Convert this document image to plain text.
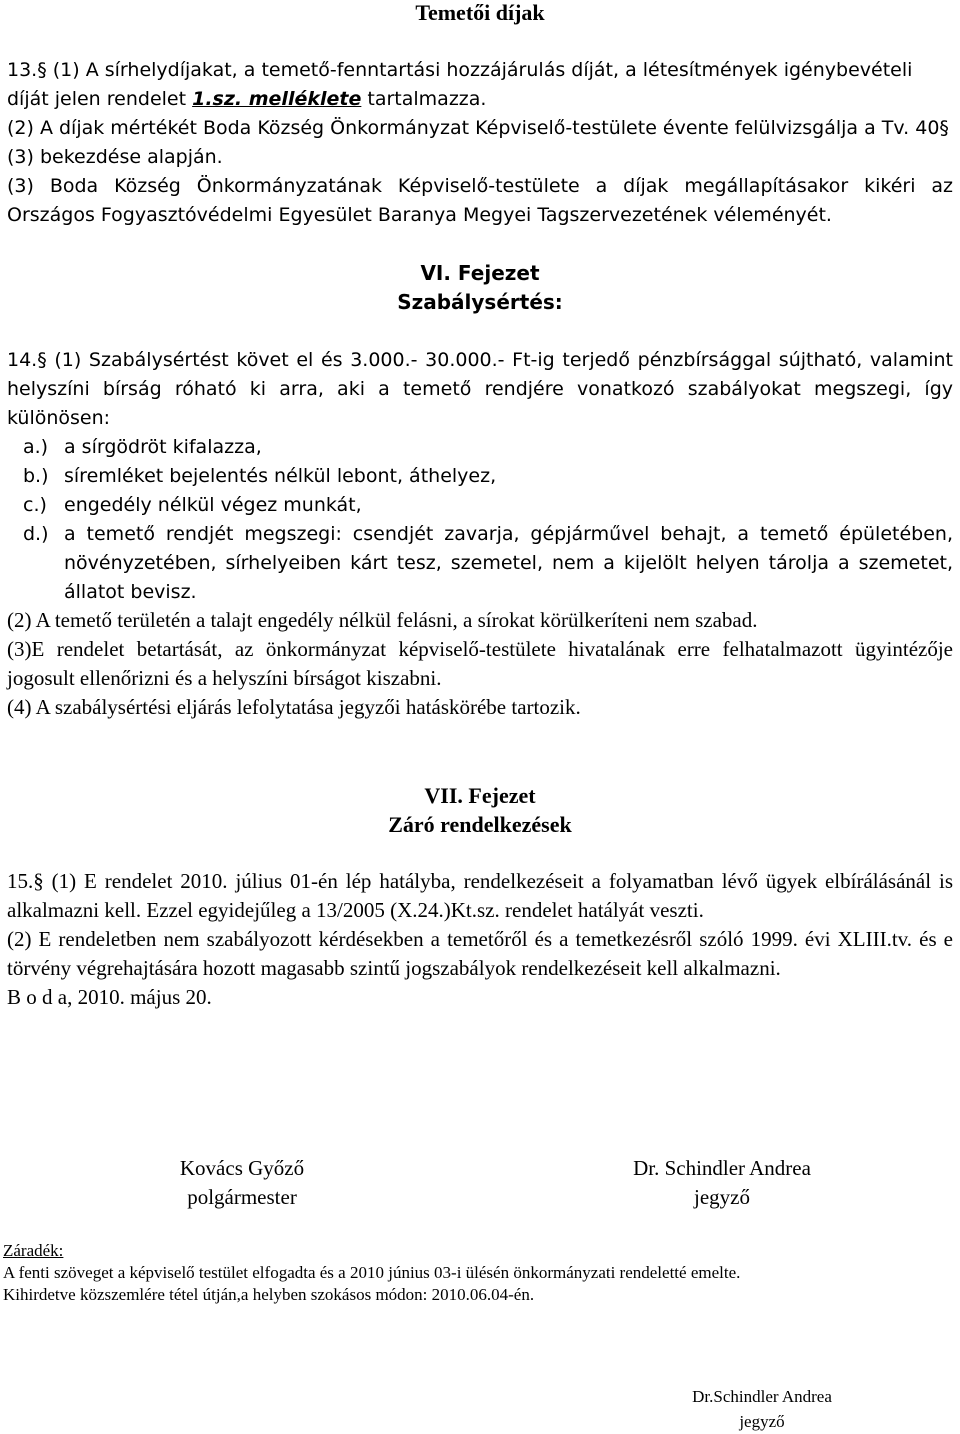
Temetői díjak

13.§ (1) A sírhelydíjakat, a temető-fenntartási hozzájárulás díját, a létesítmények igénybevételi díját jelen rendelet 1.sz. melléklete tartalmazza.

(2) A díjak mértékét Boda Község Önkormányzat Képviselő-testülete évente felülvizsgálja a Tv. 40§ (3) bekezdése alapján.

(3) Boda Község Önkormányzatának Képviselő-testülete a díjak megállapításakor kikéri az Országos Fogyasztóvédelmi Egyesület Baranya Megyei Tagszervezetének véleményét.

VI. Fejezet

Szabálysértés:

14.§ (1) Szabálysértést követ el és 3.000.- 30.000.- Ft-ig terjedő pénzbírsággal sújtható, valamint helyszíni bírság róható ki arra, aki a temető rendjére vonatkozó szabályokat megszegi, így különösen:

a.) a sírgödröt kifalazza,
b.) síremléket bejelentés nélkül lebont, áthelyez,
c.) engedély nélkül végez munkát,
d.) a temető rendjét megszegi: csendjét zavarja, gépjárművel behajt, a temető épületében, növényzetében, sírhelyeiben kárt tesz, szemetel, nem a kijelölt helyen tárolja a szemetet, állatot bevisz.

(2) A temető területén a talajt engedély nélkül felásni, a sírokat körülkeríteni nem szabad.

(3)E rendelet betartását, az önkormányzat képviselő-testülete hivatalának erre felhatalmazott ügyintézője jogosult ellenőrizni és a helyszíni bírságot kiszabni.

(4) A szabálysértési eljárás lefolytatása jegyzői hatáskörébe tartozik.

VII. Fejezet

Záró rendelkezések

15.§ (1) E rendelet 2010. július 01-én lép hatályba, rendelkezéseit a folyamatban lévő ügyek elbírálásánál is alkalmazni kell. Ezzel egyidejűleg a 13/2005 (X.24.)Kt.sz. rendelet hatályát veszti.

(2) E rendeletben nem szabályozott kérdésekben a temetőről és a temetkezésről szóló 1999. évi XLIII.tv. és e törvény végrehajtására hozott magasabb szintű jogszabályok rendelkezéseit kell alkalmazni.

B o d a, 2010. május 20.

Kovács Győző
polgármester
Dr. Schindler Andrea
jegyző
Záradék:
A fenti szöveget a képviselő testület elfogadta és a 2010 június 03-i ülésén önkormányzati rendeletté emelte.
Kihirdetve közszemlére tétel útján,a helyben szokásos módon: 2010.06.04-én.
Dr.Schindler Andrea
jegyző
